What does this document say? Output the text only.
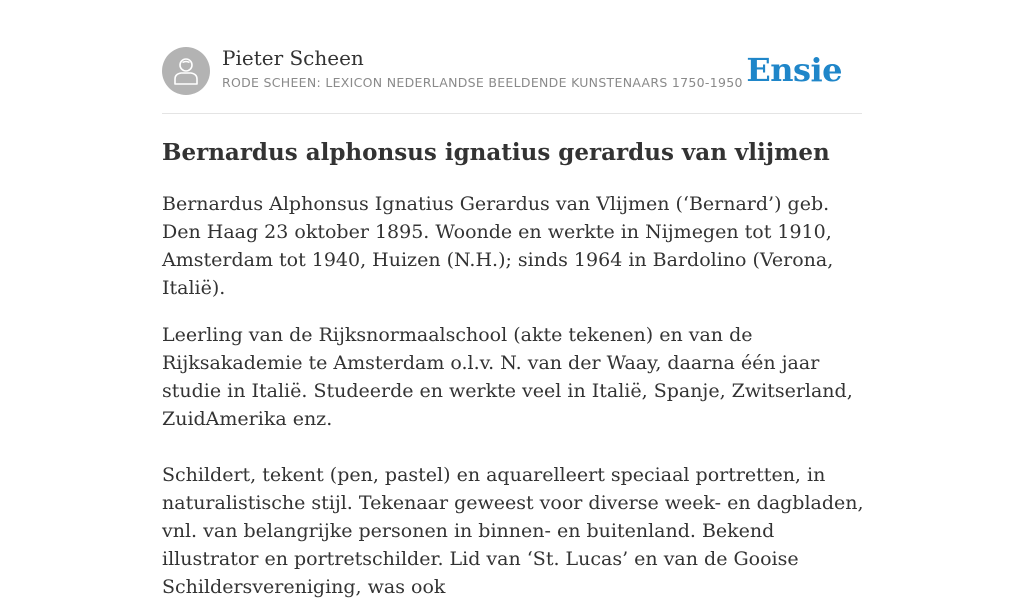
Pieter Scheen
RODE SCHEEN: LEXICON NEDERLANDSE BEELDENDE KUNSTENAARS 1750-1950 Ensie
Bernardus alphonsus ignatius gerardus van vlijmen

Bernardus Alphonsus Ignatius Gerardus van Vlijmen (‘Bernard’) geb. Den Haag 23 oktober 1895. Woonde en werkte in Nijmegen tot 1910, Amsterdam tot 1940, Huizen (N.H.); sinds 1964 in Bardolino (Verona, Italië).

Leerling van de Rijksnormaalschool (akte tekenen) en van de Rijksakademie te Amsterdam o.l.v. N. van der Waay, daarna één jaar studie in Italië. Studeerde en werkte veel in Italië, Spanje, Zwitserland, ZuidAmerika enz.

Schildert, tekent (pen, pastel) en aquarelleert speciaal portretten, in naturalistische stijl. Tekenaar geweest voor diverse week- en dagbladen, vnl. van belangrijke personen in binnen- en buitenland. Bekend illustrator en portretschilder. Lid van ‘St. Lucas’ en van de Gooise Schildersvereniging, was ook
